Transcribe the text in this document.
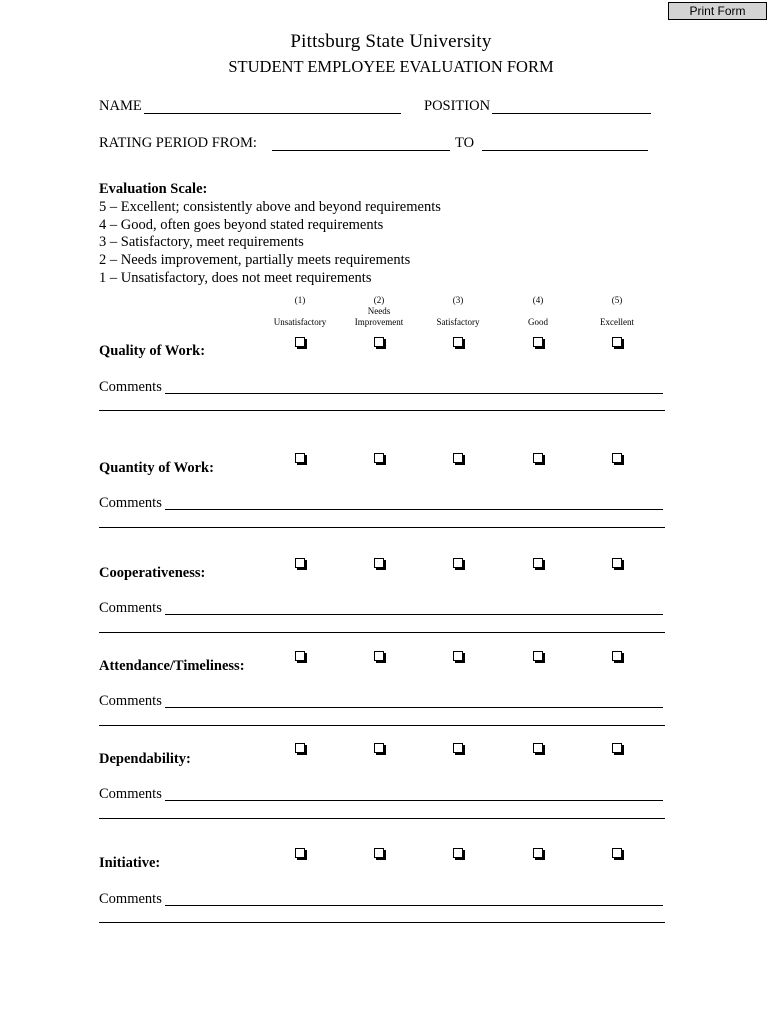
Print Form
Pittsburg State University
STUDENT EMPLOYEE EVALUATION FORM
NAME	POSITION
RATING PERIOD FROM:	TO
Evaluation Scale:
5 – Excellent; consistently above and beyond requirements
4 – Good, often goes beyond stated requirements
3 – Satisfactory, meet requirements
2 – Needs improvement, partially meets requirements
1 – Unsatisfactory, does not meet requirements
(1)
Unsatisfactory
(2)
Needs
Improvement
(3)
Satisfactory
(4)
Good
(5)
Excellent
Quality of Work:
Comments
Quantity of Work:
Comments
Cooperativeness:
Comments
Attendance/Timeliness:
Comments
Dependability:
Comments
Initiative:
Comments
